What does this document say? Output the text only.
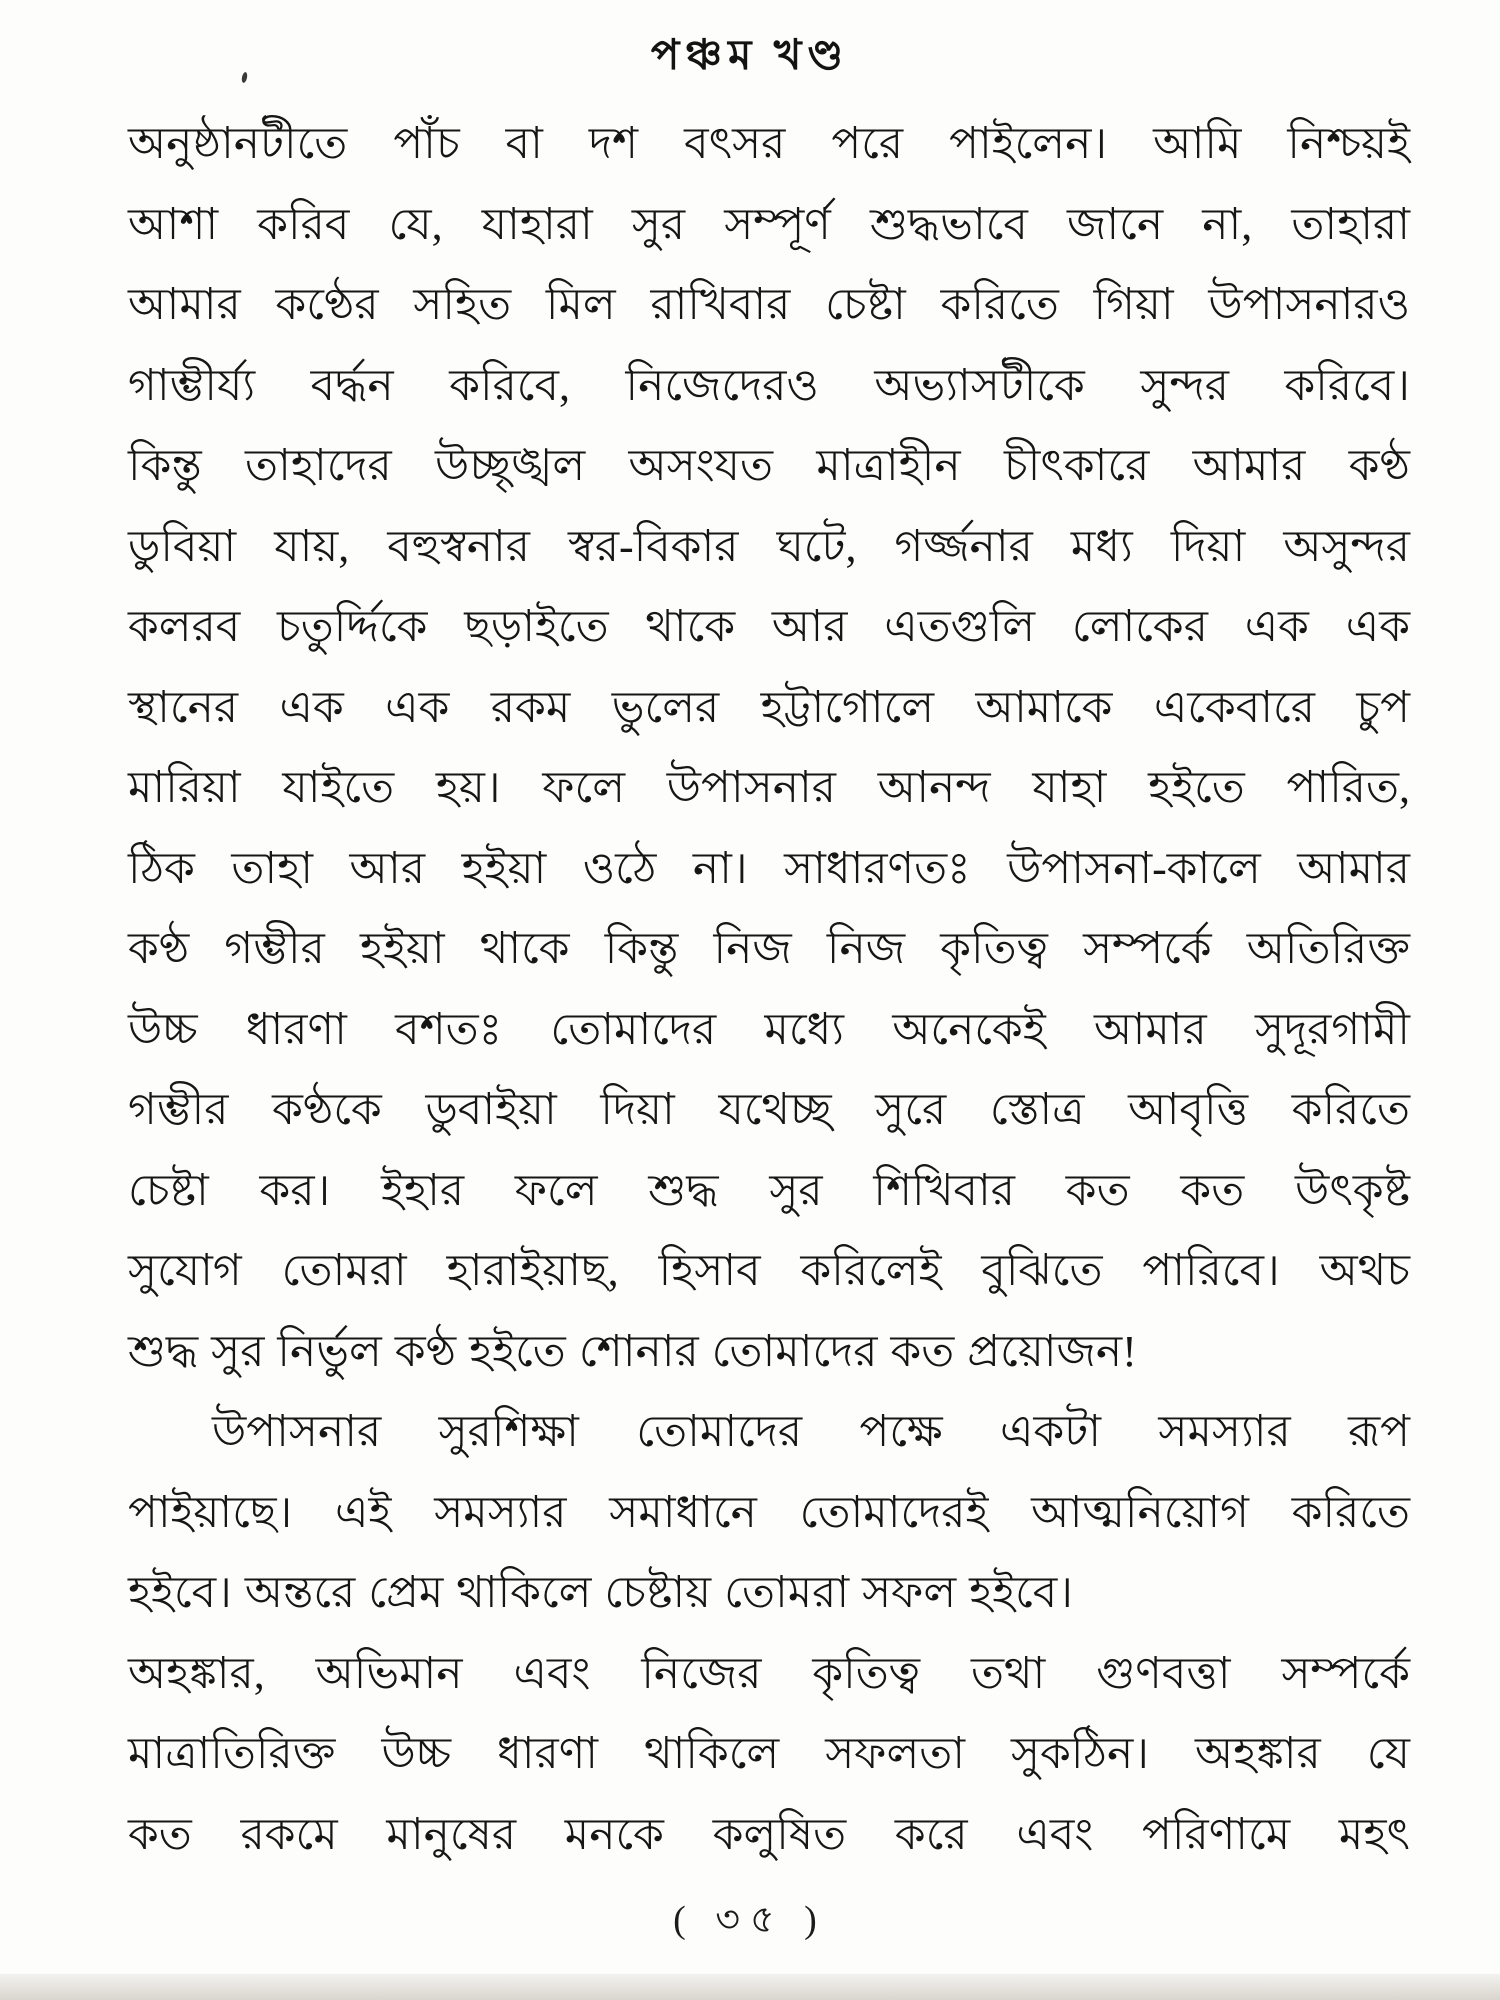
পঞ্চম খণ্ড
অনুষ্ঠানটীতে পাঁচ বা দশ বৎসর পরে পাইলেন। আমি নিশ্চয়ই
আশা করিব যে, যাহারা সুর সম্পূর্ণ শুদ্ধভাবে জানে না, তাহারা
আমার কণ্ঠের সহিত মিল রাখিবার চেষ্টা করিতে গিয়া উপাসনারও
গাম্ভীর্য্য বর্দ্ধন করিবে, নিজেদেরও অভ্যাসটীকে সুন্দর করিবে।
কিন্তু তাহাদের উচ্ছৃঙ্খল অসংযত মাত্রাহীন চীৎকারে আমার কণ্ঠ
ডুবিয়া যায়, বহুস্বনার স্বর-বিকার ঘটে, গর্জ্জনার মধ্য দিয়া অসুন্দর
কলরব চতুর্দ্দিকে ছড়াইতে থাকে আর এতগুলি লোকের এক এক
স্থানের এক এক রকম ভুলের হট্টাগোলে আমাকে একেবারে চুপ
মারিয়া যাইতে হয়। ফলে উপাসনার আনন্দ যাহা হইতে পারিত,
ঠিক তাহা আর হইয়া ওঠে না। সাধারণতঃ উপাসনা-কালে আমার
কণ্ঠ গম্ভীর হইয়া থাকে কিন্তু নিজ নিজ কৃতিত্ব সম্পর্কে অতিরিক্ত
উচ্চ ধারণা বশতঃ তোমাদের মধ্যে অনেকেই আমার সুদূরগামী
গম্ভীর কণ্ঠকে ডুবাইয়া দিয়া যথেচ্ছ সুরে স্তোত্র আবৃত্তি করিতে
চেষ্টা কর। ইহার ফলে শুদ্ধ সুর শিখিবার কত কত উৎকৃষ্ট
সুযোগ তোমরা হারাইয়াছ, হিসাব করিলেই বুঝিতে পারিবে। অথচ
শুদ্ধ সুর নির্ভুল কণ্ঠ হইতে শোনার তোমাদের কত প্রয়োজন!
উপাসনার সুরশিক্ষা তোমাদের পক্ষে একটা সমস্যার রূপ
পাইয়াছে। এই সমস্যার সমাধানে তোমাদেরই আত্মনিয়োগ করিতে
হইবে। অন্তরে প্রেম থাকিলে চেষ্টায় তোমরা সফল হইবে।
অহঙ্কার, অভিমান এবং নিজের কৃতিত্ব তথা গুণবত্তা সম্পর্কে
মাত্রাতিরিক্ত উচ্চ ধারণা থাকিলে সফলতা সুকঠিন। অহঙ্কার যে
কত রকমে মানুষের মনকে কলুষিত করে এবং পরিণামে মহৎ
( ৩৫ )
